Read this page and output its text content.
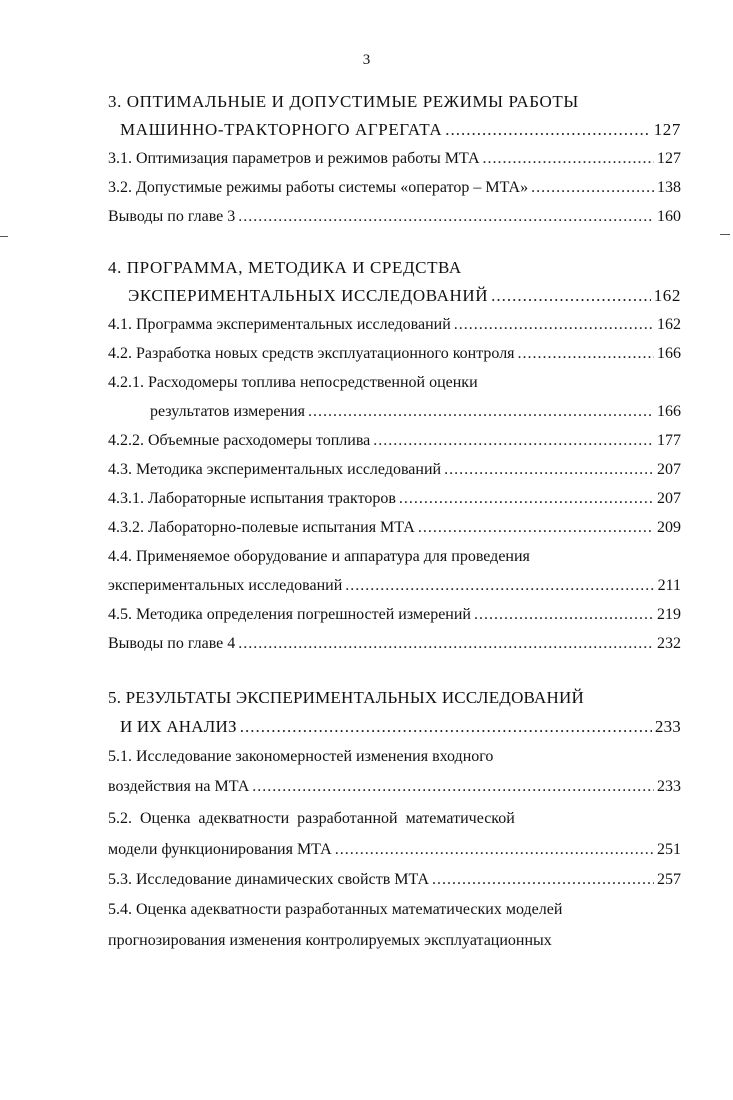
3
3. ОПТИМАЛЬНЫЕ И ДОПУСТИМЫЕ РЕЖИМЫ РАБОТЫ
МАШИННО-ТРАКТОРНОГО АГРЕГАТА .....	127
3.1. Оптимизация параметров и режимов работы МТА .....	127
3.2. Допустимые режимы работы системы «оператор – МТА» .....	138
Выводы по главе 3 .....	160
4. ПРОГРАММА, МЕТОДИКА И СРЕДСТВА
ЭКСПЕРИМЕНТАЛЬНЫХ ИССЛЕДОВАНИЙ .....	162
4.1. Программа экспериментальных исследований .....	162
4.2. Разработка новых средств эксплуатационного контроля .....	166
4.2.1. Расходомеры топлива непосредственной оценки
результатов измерения .....	166
4.2.2. Объемные расходомеры топлива .....	177
4.3. Методика экспериментальных исследований .....	207
4.3.1. Лабораторные испытания тракторов .....	207
4.3.2. Лабораторно-полевые испытания МТА .....	209
4.4. Применяемое оборудование и аппаратура для проведения
экспериментальных исследований .....	211
4.5. Методика определения погрешностей измерений .....	219
Выводы по главе 4 .....	232
5. РЕЗУЛЬТАТЫ ЭКСПЕРИМЕНТАЛЬНЫХ ИССЛЕДОВАНИЙ
И ИХ АНАЛИЗ .....	233
5.1. Исследование закономерностей изменения входного
воздействия на МТА .....	233
5.2.  Оценка  адекватности  разработанной  математической
модели функционирования МТА .....	251
5.3. Исследование динамических свойств МТА .....	257
5.4. Оценка адекватности разработанных математических моделей
прогнозирования изменения контролируемых эксплуатационных
